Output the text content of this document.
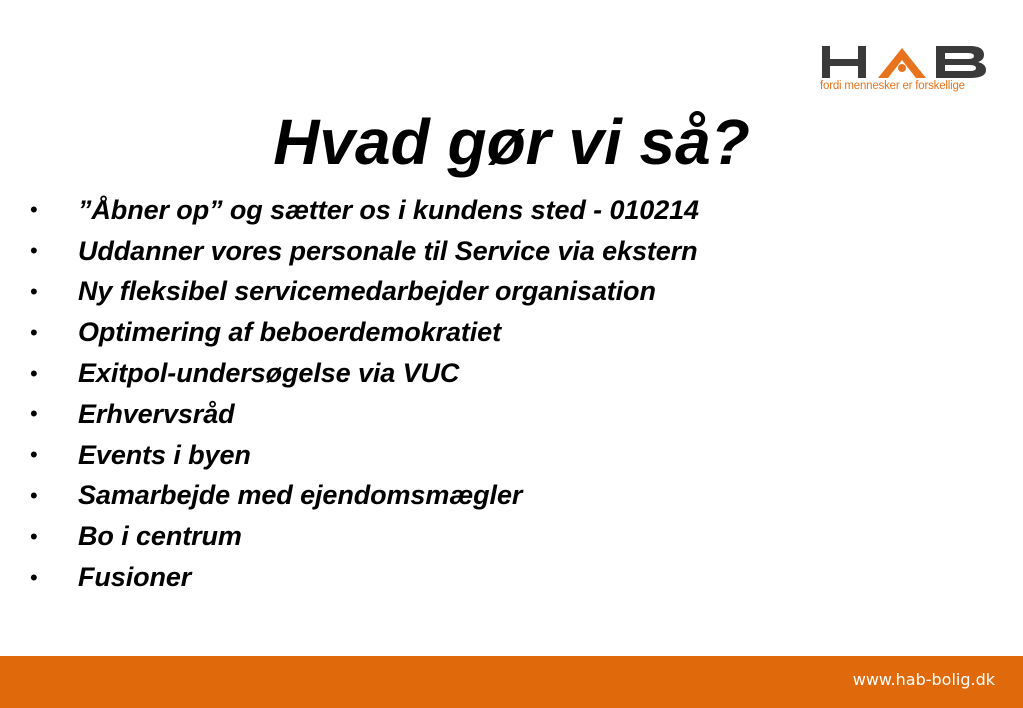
fordi mennesker er forskellige
Hvad gør vi så?
•	”Åbner op” og sætter os i kundens sted - 010214
•	Uddanner vores personale til Service via ekstern
•	Ny fleksibel servicemedarbejder organisation
•	Optimering af beboerdemokratiet
•	Exitpol-undersøgelse via VUC
•	Erhvervsråd
•	Events i byen
•	Samarbejde med ejendomsmægler
•	Bo i centrum
•	Fusioner
www.hab-bolig.dk
